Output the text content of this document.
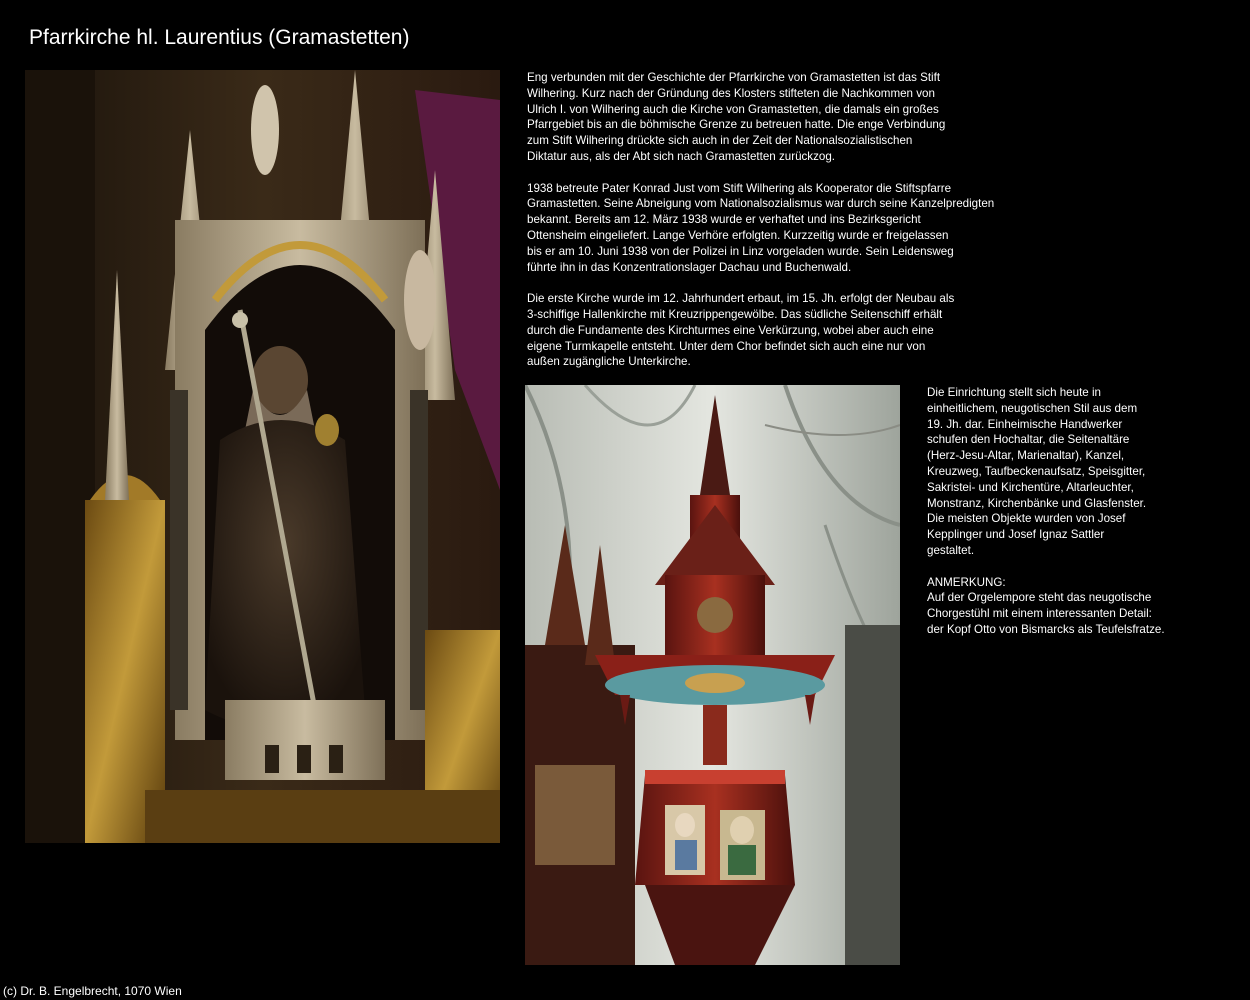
Pfarrkirche hl. Laurentius (Gramastetten)

Eng verbunden mit der Geschichte der Pfarrkirche von Gramastetten ist das Stift
Wilhering. Kurz nach der Gründung des Klosters stifteten die Nachkommen von
Ulrich I. von Wilhering auch die Kirche von Gramastetten, die damals ein großes
Pfarrgebiet bis an die böhmische Grenze zu betreuen hatte. Die enge Verbindung
zum Stift Wilhering drückte sich auch in der Zeit der Nationalsozialistischen
Diktatur aus, als der Abt sich nach Gramastetten zurückzog.

1938 betreute Pater Konrad Just vom Stift Wilhering als Kooperator die Stiftspfarre
Gramastetten. Seine Abneigung vom Nationalsozialismus war durch seine Kanzelpredigten
bekannt. Bereits am 12. März 1938 wurde er verhaftet und ins Bezirksgericht
Ottensheim eingeliefert. Lange Verhöre erfolgten. Kurzzeitig wurde er freigelassen
bis er am 10. Juni 1938 von der Polizei in Linz vorgeladen wurde. Sein Leidensweg
führte ihn in das Konzentrationslager Dachau und Buchenwald.

Die erste Kirche wurde im 12. Jahrhundert erbaut, im 15. Jh. erfolgt der Neubau als
3-schiffige Hallenkirche mit Kreuzrippengewölbe. Das südliche Seitenschiff erhält
durch die Fundamente des Kirchturmes eine Verkürzung, wobei aber auch eine
eigene Turmkapelle entsteht. Unter dem Chor befindet sich auch eine nur von
außen zugängliche Unterkirche.

Die Einrichtung stellt sich heute in
einheitlichem, neugotischen Stil aus dem
19. Jh. dar. Einheimische Handwerker
schufen den Hochaltar, die Seitenaltäre
(Herz-Jesu-Altar, Marienaltar), Kanzel,
Kreuzweg, Taufbeckenaufsatz, Speisgitter,
Sakristei- und Kirchentüre, Altarleuchter,
Monstranz, Kirchenbänke und Glasfenster.
Die meisten Objekte wurden von Josef
Kepplinger und Josef Ignaz Sattler
gestaltet.

ANMERKUNG:
Auf der Orgelempore steht das neugotische
Chorgestühl mit einem interessanten Detail:
der Kopf Otto von Bismarcks als Teufelsfratze.

(c) Dr. B. Engelbrecht, 1070 Wien
